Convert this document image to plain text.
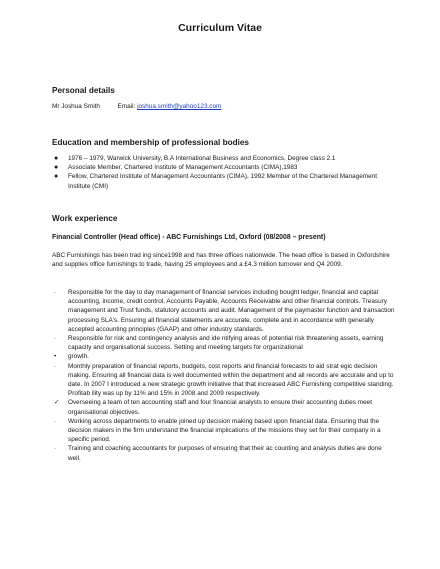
Curriculum Vitae
Personal details
Mr Joshua Smith	Email: joshua.smith@yahoo123.com
Education and membership of professional bodies
● 1976 – 1979, Warwick University, B.A International Business and Economics, Degree class 2.1
● Associate Member, Chartered Institute of Management Accountants (CIMA),1983
● Fellow, Chartered Institute of Management Accountants (CIMA), 1992 Member of the Chartered Management Institute (CMI)
Work experience
Financial Controller (Head office) - ABC Furnishings Ltd, Oxford (08/2008 – present)
ABC Furnishings has been trad ing since1998 and has three offices nationwide. The head office is based in Oxfordshire and supplies office furnishings to trade, having 25 employees and a £4.3 million turnover end Q4 2009.
· Responsible for the day to day management of financial services including bought ledger, financial and capital accounting, income, credit control, Accounts Payable, Accounts Receivable and other financial controls. Treasury management and Trust funds, statutory accounts and audit. Management of the paymaster function and transaction processing SLA's. Ensuring all financial statements are accurate, complete and in accordance with generally accepted accounting principles (GAAP) and other industry standards.
· Responsible for risk and contingency analysis and ide ntifying areas of potential risk threatening assets, earning capacity and organisational success. Setting and meeting targets for organizational
• growth.
· Monthly preparation of financial reports, budgets, cost reports and financial forecasts to aid strat egic decision making. Ensuring all financial data is well documented within the department and all records are accurate and up to date. In 2007 I introduced a new strategic growth initiative that that increased ABC Furnishing competitive standing. Profitab ility was up by 11% and 15% in 2008 and 2009 respectively.
✓ Overseeing a team of ten accounting staff and four financial analysts to ensure their accounting duties meet organisational objectives.
· Working across departments to enable joined up decision making based upon financial data. Ensuring that the decision makers in the firm understand the financial implications of the missions they set for their company in a specific period.
· Training and coaching accountants for purposes of ensuring that their ac counting and analysis duties are done well.
